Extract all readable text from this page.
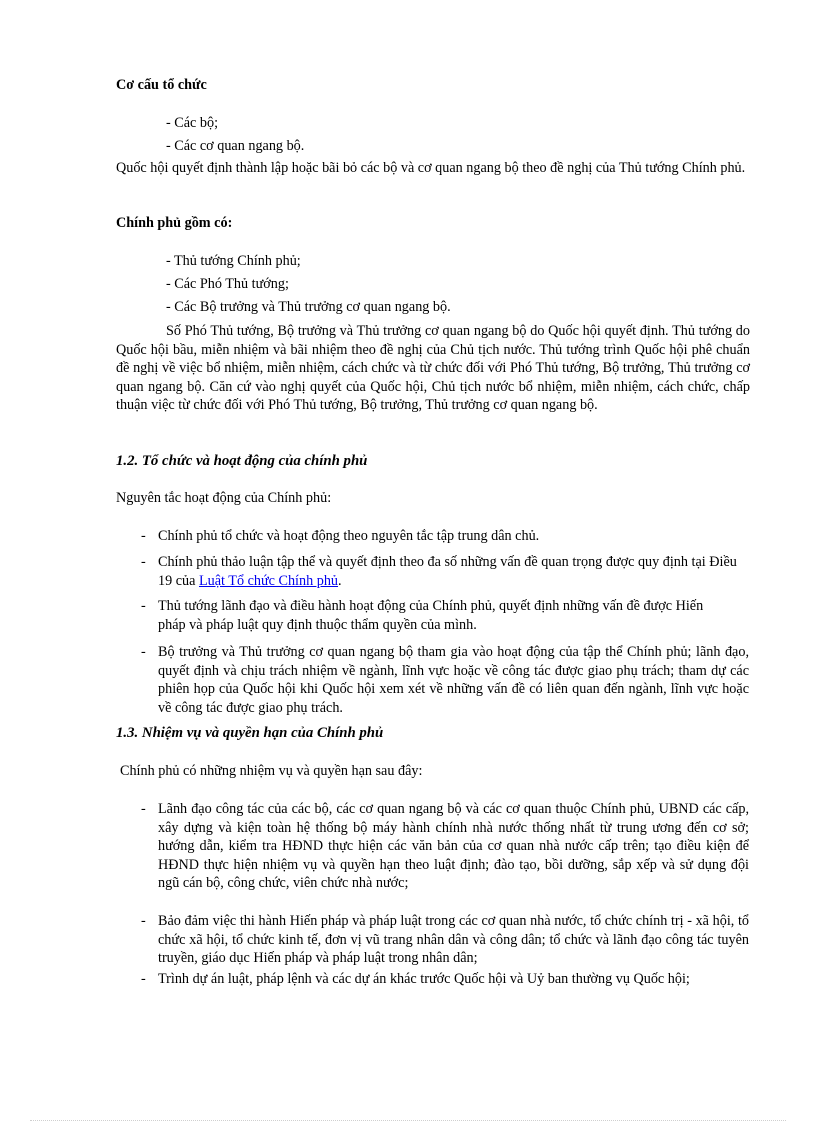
Cơ cấu tổ chức
- Các bộ;
- Các cơ quan ngang bộ.
Quốc hội quyết định thành lập hoặc bãi bỏ các bộ và cơ quan ngang bộ theo đề nghị của Thủ tướng Chính phủ.
Chính phủ gồm có:
- Thủ tướng Chính phủ;
- Các Phó Thủ tướng;
- Các Bộ trưởng và Thủ trưởng cơ quan ngang bộ.
Số Phó Thủ tướng, Bộ trưởng và Thủ trưởng cơ quan ngang bộ do Quốc hội quyết định. Thủ tướng do Quốc hội bầu, miễn nhiệm và bãi nhiệm theo đề nghị của Chủ tịch nước. Thủ tướng trình Quốc hội phê chuẩn đề nghị về việc bổ nhiệm, miễn nhiệm, cách chức và từ chức đối với Phó Thủ tướng, Bộ trưởng, Thủ trưởng cơ quan ngang bộ. Căn cứ vào nghị quyết của Quốc hội, Chủ tịch nước bổ nhiệm, miễn nhiệm, cách chức, chấp thuận việc từ chức đối với Phó Thủ tướng, Bộ trưởng, Thủ trưởng cơ quan ngang bộ.
1.2. Tổ chức và hoạt động của chính phủ
Nguyên tắc hoạt động của Chính phủ:
- Chính phủ tổ chức và hoạt động theo nguyên tắc tập trung dân chủ.
- Chính phủ thảo luận tập thể và quyết định theo đa số những vấn đề quan trọng được quy định tại Điều 19 của Luật Tổ chức Chính phủ.
- Thủ tướng lãnh đạo và điều hành hoạt động của Chính phủ, quyết định những vấn đề được Hiến pháp và pháp luật quy định thuộc thẩm quyền của mình.
- Bộ trưởng và Thủ trưởng cơ quan ngang bộ tham gia vào hoạt động của tập thể Chính phủ; lãnh đạo, quyết định và chịu trách nhiệm về ngành, lĩnh vực hoặc về công tác được giao phụ trách; tham dự các phiên họp của Quốc hội khi Quốc hội xem xét về những vấn đề có liên quan đến ngành, lĩnh vực hoặc về công tác được giao phụ trách.
1.3. Nhiệm vụ và quyền hạn của Chính phủ
Chính phủ có những nhiệm vụ và quyền hạn sau đây:
- Lãnh đạo công tác của các bộ, các cơ quan ngang bộ và các cơ quan thuộc Chính phủ, UBND các cấp, xây dựng và kiện toàn hệ thống bộ máy hành chính nhà nước thống nhất từ trung ương đến cơ sở; hướng dẫn, kiểm tra HĐND thực hiện các văn bản của cơ quan nhà nước cấp trên; tạo điều kiện để HĐND thực hiện nhiệm vụ và quyền hạn theo luật định; đào tạo, bồi dưỡng, sắp xếp và sử dụng đội ngũ cán bộ, công chức, viên chức nhà nước;
- Bảo đảm việc thi hành Hiến pháp và pháp luật trong các cơ quan nhà nước, tổ chức chính trị - xã hội, tổ chức xã hội, tổ chức kinh tế, đơn vị vũ trang nhân dân và công dân; tổ chức và lãnh đạo công tác tuyên truyền, giáo dục Hiến pháp và pháp luật trong nhân dân;
- Trình dự án luật, pháp lệnh và các dự án khác trước Quốc hội và Uỷ ban thường vụ Quốc hội;
